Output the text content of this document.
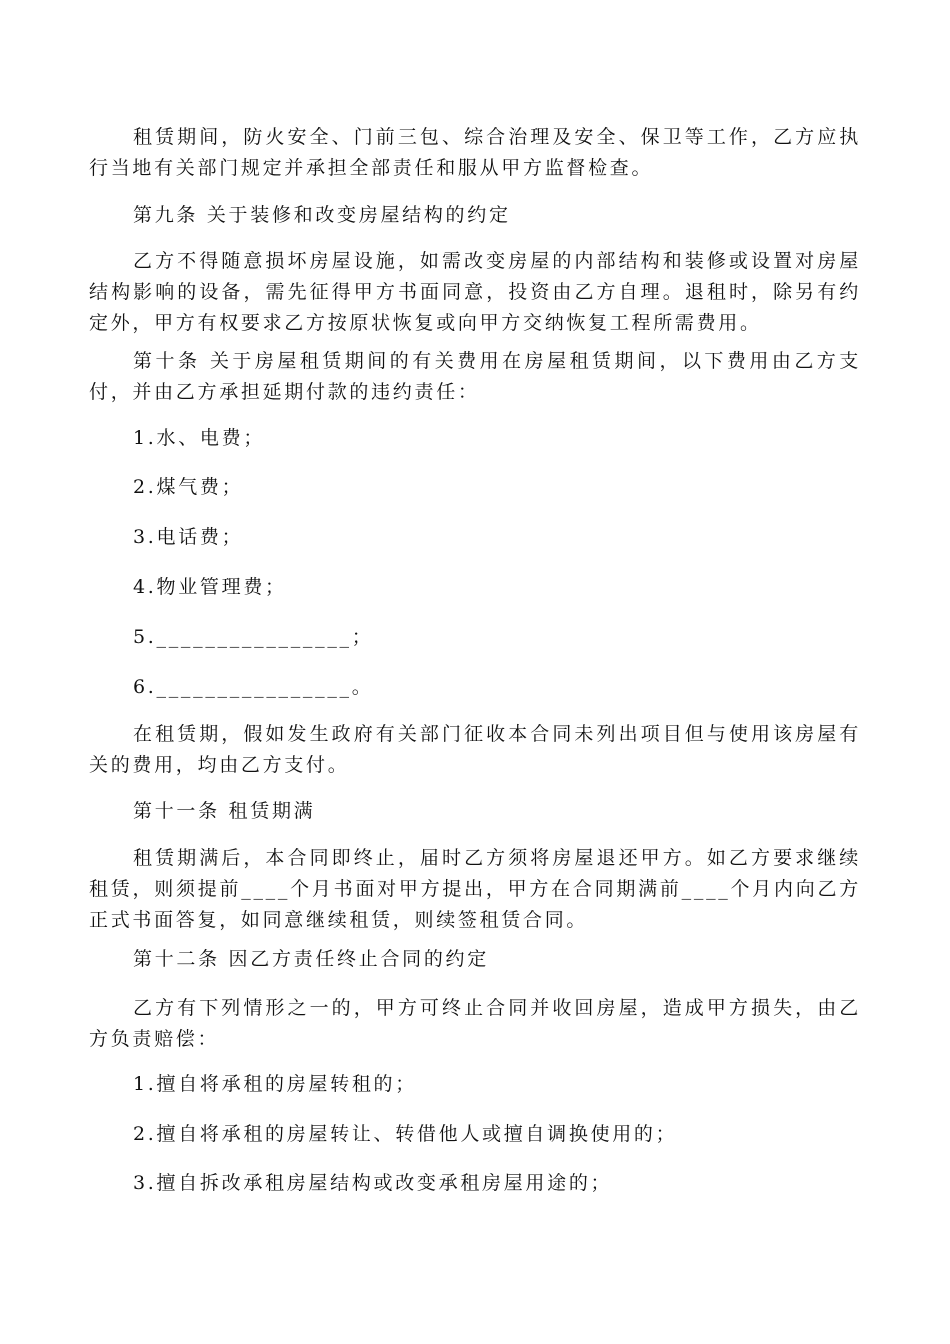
租赁期间，防火安全、门前三包、综合治理及安全、保卫等工作，乙方应执行当地有关部门规定并承担全部责任和服从甲方监督检查。

第九条 关于装修和改变房屋结构的约定

乙方不得随意损坏房屋设施，如需改变房屋的内部结构和装修或设置对房屋结构影响的设备，需先征得甲方书面同意，投资由乙方自理。退租时，除另有约定外，甲方有权要求乙方按原状恢复或向甲方交纳恢复工程所需费用。

第十条 关于房屋租赁期间的有关费用在房屋租赁期间，以下费用由乙方支付，并由乙方承担延期付款的违约责任：

1.水、电费；

2.煤气费；

3.电话费；

4.物业管理费；

5.________________；

6.________________。

在租赁期，假如发生政府有关部门征收本合同未列出项目但与使用该房屋有关的费用，均由乙方支付。

第十一条 租赁期满

租赁期满后，本合同即终止，届时乙方须将房屋退还甲方。如乙方要求继续租赁，则须提前____个月书面对甲方提出，甲方在合同期满前____个月内向乙方正式书面答复，如同意继续租赁，则续签租赁合同。

第十二条 因乙方责任终止合同的约定

乙方有下列情形之一的，甲方可终止合同并收回房屋，造成甲方损失，由乙方负责赔偿：

1.擅自将承租的房屋转租的；

2.擅自将承租的房屋转让、转借他人或擅自调换使用的；

3.擅自拆改承租房屋结构或改变承租房屋用途的；
